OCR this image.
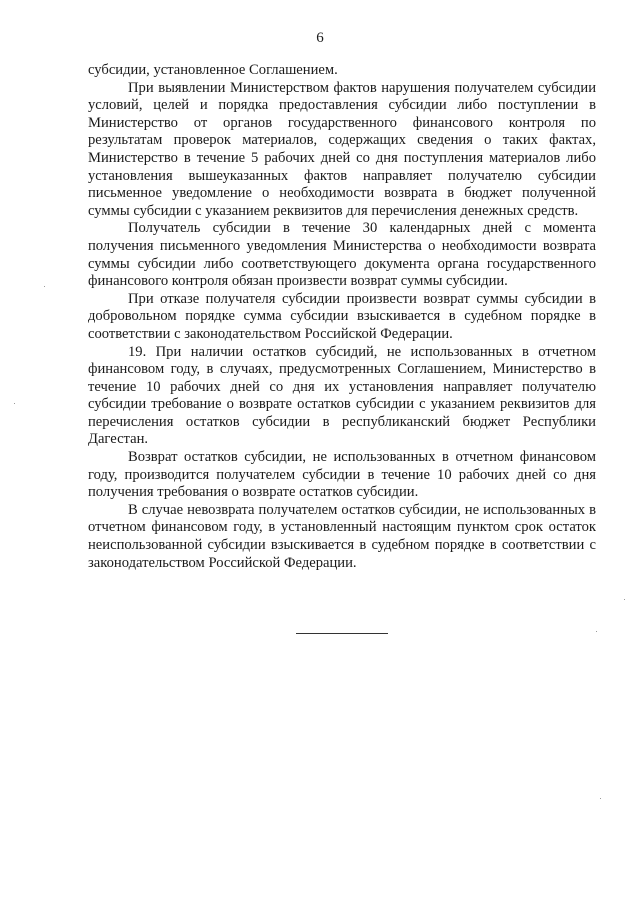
6

субсидии, установленное Соглашением.

При выявлении Министерством фактов нарушения получателем субсидии условий, целей и порядка предоставления субсидии либо поступлении в Министерство от органов государственного финансового контроля по результатам проверок материалов, содержащих сведения о таких фактах, Министерство в течение 5 рабочих дней со дня поступления материалов либо установления вышеуказанных фактов направляет получателю субсидии письменное уведомление о необходимости возврата в бюджет полученной суммы субсидии с указанием реквизитов для перечисления денежных средств.

Получатель субсидии в течение 30 календарных дней с момента получения письменного уведомления Министерства о необходимости возврата суммы субсидии либо соответствующего документа органа государственного финансового контроля обязан произвести возврат суммы субсидии.

При отказе получателя субсидии произвести возврат суммы субсидии в добровольном порядке сумма субсидии взыскивается в судебном порядке в соответствии с законодательством Российской Федерации.

19. При наличии остатков субсидий, не использованных в отчетном финансовом году, в случаях, предусмотренных Соглашением, Министерство в течение 10 рабочих дней со дня их установления направляет получателю субсидии требование о возврате остатков субсидии с указанием реквизитов для перечисления остатков субсидии в республиканский бюджет Республики Дагестан.

Возврат остатков субсидии, не использованных в отчетном финансовом году, производится получателем субсидии в течение 10 рабочих дней со дня получения требования о возврате остатков субсидии.

В случае невозврата получателем остатков субсидии, не использованных в отчетном финансовом году, в установленный настоящим пунктом срок остаток неиспользованной субсидии взыскивается в судебном порядке в соответствии с законодательством Российской Федерации.
